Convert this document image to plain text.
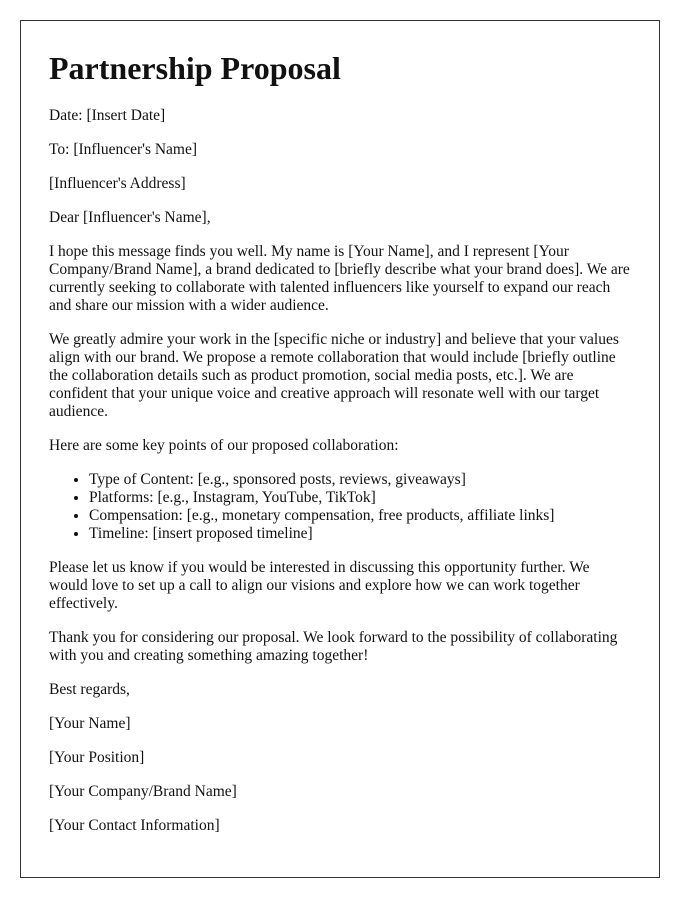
Partnership Proposal

Date: [Insert Date]

To: [Influencer's Name]

[Influencer's Address]

Dear [Influencer's Name],

I hope this message finds you well. My name is [Your Name], and I represent [Your Company/Brand Name], a brand dedicated to [briefly describe what your brand does]. We are currently seeking to collaborate with talented influencers like yourself to expand our reach and share our mission with a wider audience.

We greatly admire your work in the [specific niche or industry] and believe that your values align with our brand. We propose a remote collaboration that would include [briefly outline the collaboration details such as product promotion, social media posts, etc.]. We are confident that your unique voice and creative approach will resonate well with our target audience.

Here are some key points of our proposed collaboration:

• Type of Content: [e.g., sponsored posts, reviews, giveaways]
• Platforms: [e.g., Instagram, YouTube, TikTok]
• Compensation: [e.g., monetary compensation, free products, affiliate links]
• Timeline: [insert proposed timeline]

Please let us know if you would be interested in discussing this opportunity further. We would love to set up a call to align our visions and explore how we can work together effectively.

Thank you for considering our proposal. We look forward to the possibility of collaborating with you and creating something amazing together!

Best regards,

[Your Name]

[Your Position]

[Your Company/Brand Name]

[Your Contact Information]
